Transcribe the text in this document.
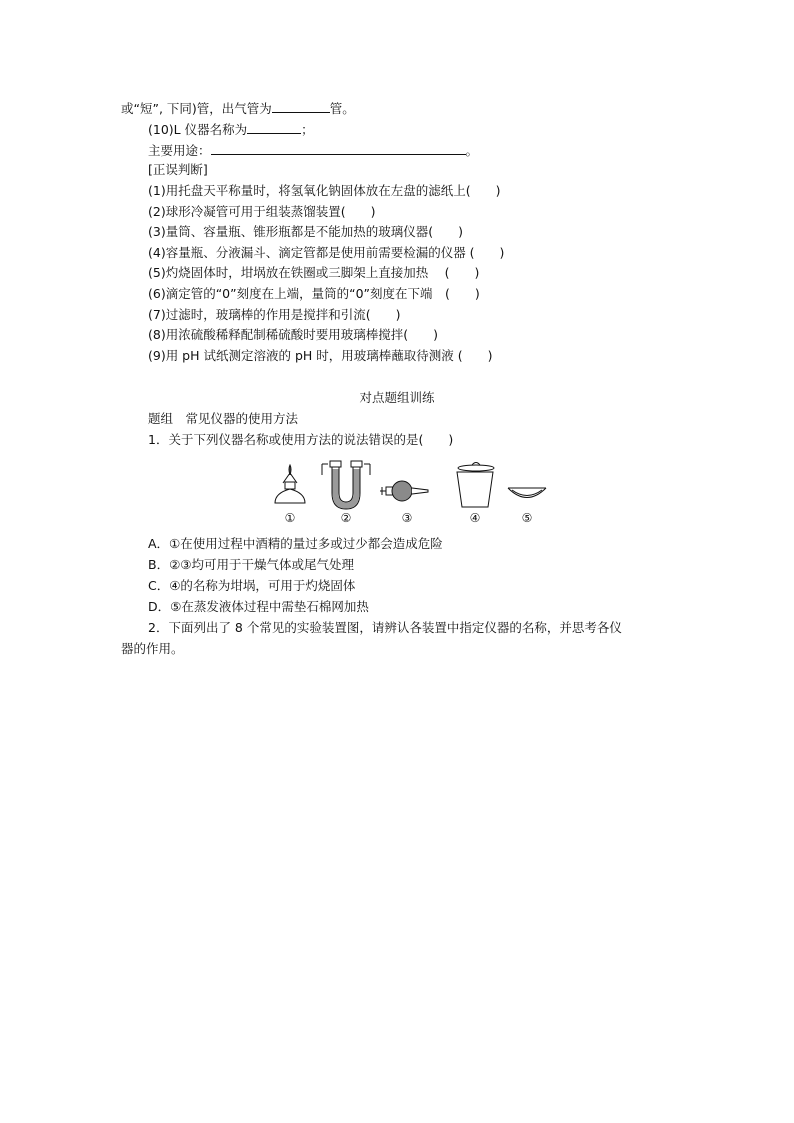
或“短”, 下同)管，出气管为	管。
(10)L 仪器名称为	；
主要用途：	。
[正误判断]
(1)用托盘天平称量时，将氢氧化钠固体放在左盘的滤纸上(　　)
(2)球形冷凝管可用于组装蒸馏装置(　　)
(3)量筒、容量瓶、锥形瓶都是不能加热的玻璃仪器(　　)
(4)容量瓶、分液漏斗、滴定管都是使用前需要检漏的仪器 (　　)
(5)灼烧固体时，坩埚放在铁圈或三脚架上直接加热　 (　　)
(6)滴定管的“0”刻度在上端，量筒的“0”刻度在下端　(　　)
(7)过滤时，玻璃棒的作用是搅拌和引流(　　)
(8)用浓硫酸稀释配制稀硫酸时要用玻璃棒搅拌(　　)
(9)用 pH 试纸测定溶液的 pH 时，用玻璃棒蘸取待测液 (　　)
对点题组训练
题组　常见仪器的使用方法
1．关于下列仪器名称或使用方法的说法错误的是(　　)
①	②	③	④	⑤
A．①在使用过程中酒精的量过多或过少都会造成危险
B．②③均可用于干燥气体或尾气处理
C．④的名称为坩埚，可用于灼烧固体
D．⑤在蒸发液体过程中需垫石棉网加热
2．下面列出了 8 个常见的实验装置图，请辨认各装置中指定仪器的名称，并思考各仪
器的作用。
